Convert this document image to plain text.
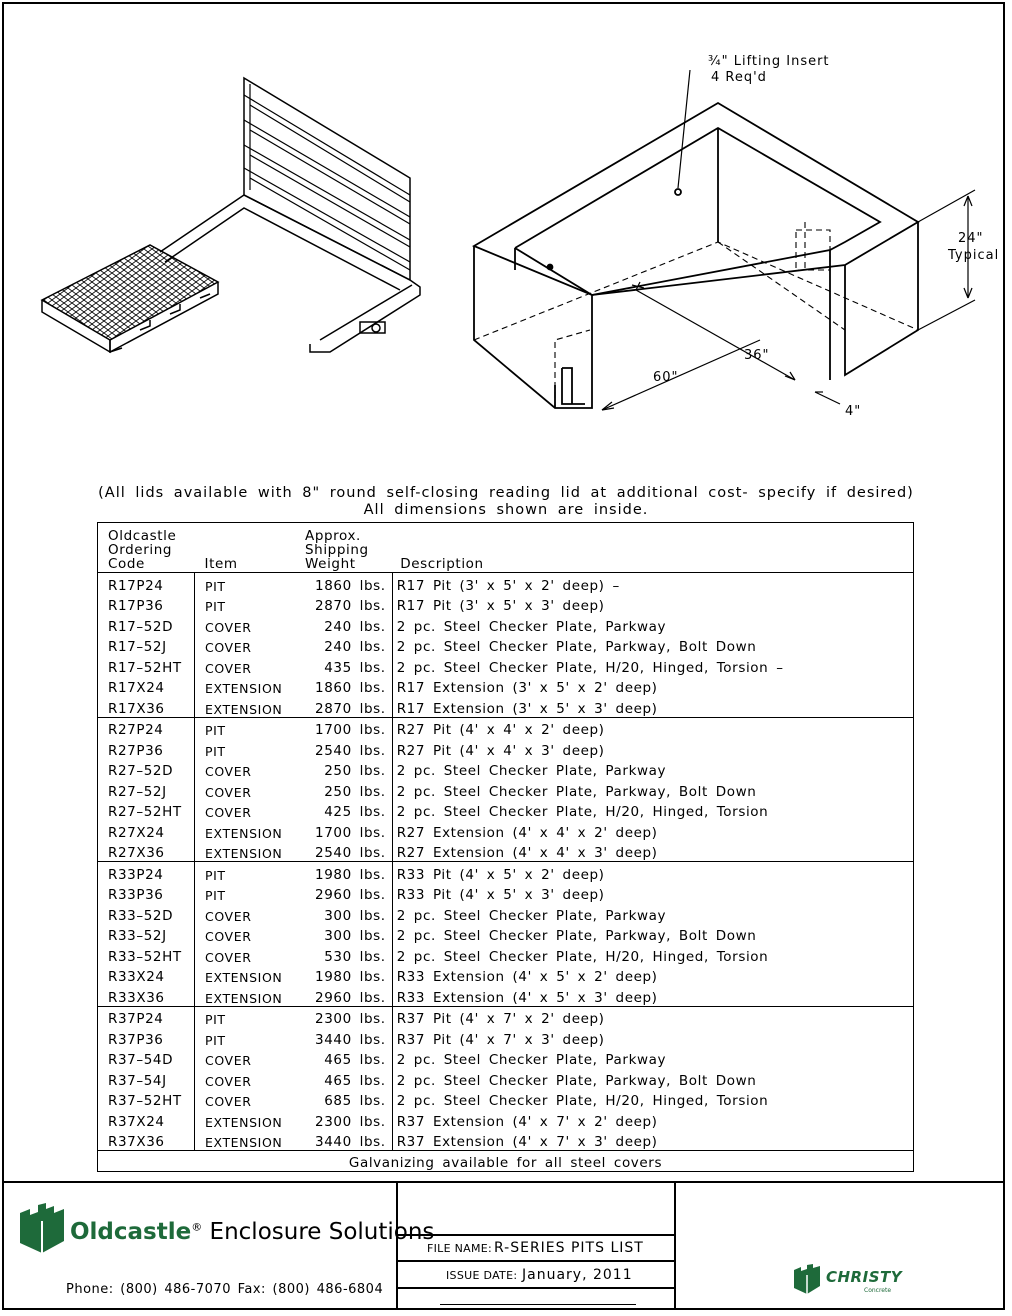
¾" Lifting Insert
4 Req'd
24"
Typical
36"
60"
4"
(All lids available with 8" round self-closing reading lid at additional cost- specify if desired)
All dimensions shown are inside.
Oldcastle
Ordering
Code	Item	Approx.
Shipping
Weight	Description
R17P24	PIT	1860 lbs.	R17 Pit (3' x 5' x 2' deep) –
R17P36	PIT	2870 lbs.	R17 Pit (3' x 5' x 3' deep)
R17–52D	COVER	240 lbs.	2 pc. Steel Checker Plate, Parkway
R17–52J	COVER	240 lbs.	2 pc. Steel Checker Plate, Parkway, Bolt Down
R17–52HT	COVER	435 lbs.	2 pc. Steel Checker Plate, H/20, Hinged, Torsion –
R17X24	EXTENSION	1860 lbs.	R17 Extension (3' x 5' x 2' deep)
R17X36	EXTENSION	2870 lbs.	R17 Extension (3' x 5' x 3' deep)
R27P24	PIT	1700 lbs.	R27 Pit (4' x 4' x 2' deep)
R27P36	PIT	2540 lbs.	R27 Pit (4' x 4' x 3' deep)
R27–52D	COVER	250 lbs.	2 pc. Steel Checker Plate, Parkway
R27–52J	COVER	250 lbs.	2 pc. Steel Checker Plate, Parkway, Bolt Down
R27–52HT	COVER	425 lbs.	2 pc. Steel Checker Plate, H/20, Hinged, Torsion
R27X24	EXTENSION	1700 lbs.	R27 Extension (4' x 4' x 2' deep)
R27X36	EXTENSION	2540 lbs.	R27 Extension (4' x 4' x 3' deep)
R33P24	PIT	1980 lbs.	R33 Pit (4' x 5' x 2' deep)
R33P36	PIT	2960 lbs.	R33 Pit (4' x 5' x 3' deep)
R33–52D	COVER	300 lbs.	2 pc. Steel Checker Plate, Parkway
R33–52J	COVER	300 lbs.	2 pc. Steel Checker Plate, Parkway, Bolt Down
R33–52HT	COVER	530 lbs.	2 pc. Steel Checker Plate, H/20, Hinged, Torsion
R33X24	EXTENSION	1980 lbs.	R33 Extension (4' x 5' x 2' deep)
R33X36	EXTENSION	2960 lbs.	R33 Extension (4' x 5' x 3' deep)
R37P24	PIT	2300 lbs.	R37 Pit (4' x 7' x 2' deep)
R37P36	PIT	3440 lbs.	R37 Pit (4' x 7' x 3' deep)
R37–54D	COVER	465 lbs.	2 pc. Steel Checker Plate, Parkway
R37–54J	COVER	465 lbs.	2 pc. Steel Checker Plate, Parkway, Bolt Down
R37–52HT	COVER	685 lbs.	2 pc. Steel Checker Plate, H/20, Hinged, Torsion
R37X24	EXTENSION	2300 lbs.	R37 Extension (4' x 7' x 2' deep)
R37X36	EXTENSION	3440 lbs.	R37 Extension (4' x 7' x 3' deep)
Galvanizing available for all steel covers			
Oldcastle® Enclosure Solutions
Phone: (800) 486-7070 Fax: (800) 486-6804
FILE NAME: R-SERIES PITS LIST
ISSUE DATE: January, 2011	CHRISTY
Concrete
